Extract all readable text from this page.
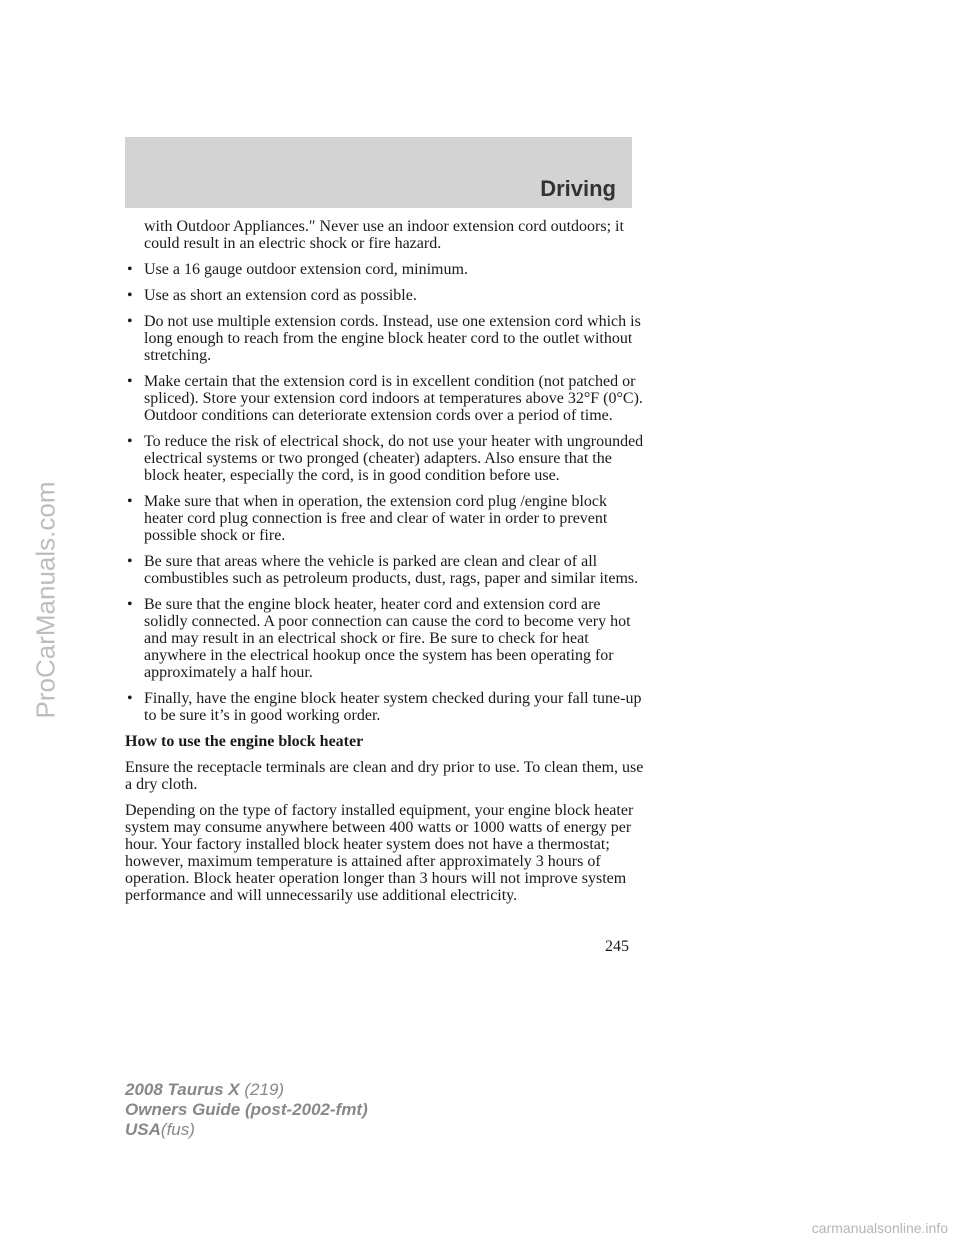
Driving
ProCarManuals.com

with Outdoor Appliances.″ Never use an indoor extension cord outdoors; it could result in an electric shock or fire hazard.

• Use a 16 gauge outdoor extension cord, minimum.
• Use as short an extension cord as possible.
• Do not use multiple extension cords. Instead, use one extension cord which is long enough to reach from the engine block heater cord to the outlet without stretching.
• Make certain that the extension cord is in excellent condition (not patched or spliced). Store your extension cord indoors at temperatures above 32°F (0°C). Outdoor conditions can deteriorate extension cords over a period of time.
• To reduce the risk of electrical shock, do not use your heater with ungrounded electrical systems or two pronged (cheater) adapters. Also ensure that the block heater, especially the cord, is in good condition before use.
• Make sure that when in operation, the extension cord plug /engine block heater cord plug connection is free and clear of water in order to prevent possible shock or fire.
• Be sure that areas where the vehicle is parked are clean and clear of all combustibles such as petroleum products, dust, rags, paper and similar items.
• Be sure that the engine block heater, heater cord and extension cord are solidly connected. A poor connection can cause the cord to become very hot and may result in an electrical shock or fire. Be sure to check for heat anywhere in the electrical hookup once the system has been operating for approximately a half hour.
• Finally, have the engine block heater system checked during your fall tune-up to be sure it’s in good working order.

How to use the engine block heater

Ensure the receptacle terminals are clean and dry prior to use. To clean them, use a dry cloth.

Depending on the type of factory installed equipment, your engine block heater system may consume anywhere between 400 watts or 1000 watts of energy per hour. Your factory installed block heater system does not have a thermostat; however, maximum temperature is attained after approximately 3 hours of operation. Block heater operation longer than 3 hours will not improve system performance and will unnecessarily use additional electricity.

245
2008 Taurus X (219)
Owners Guide (post-2002-fmt)
USA(fus)
carmanualsonline.info
